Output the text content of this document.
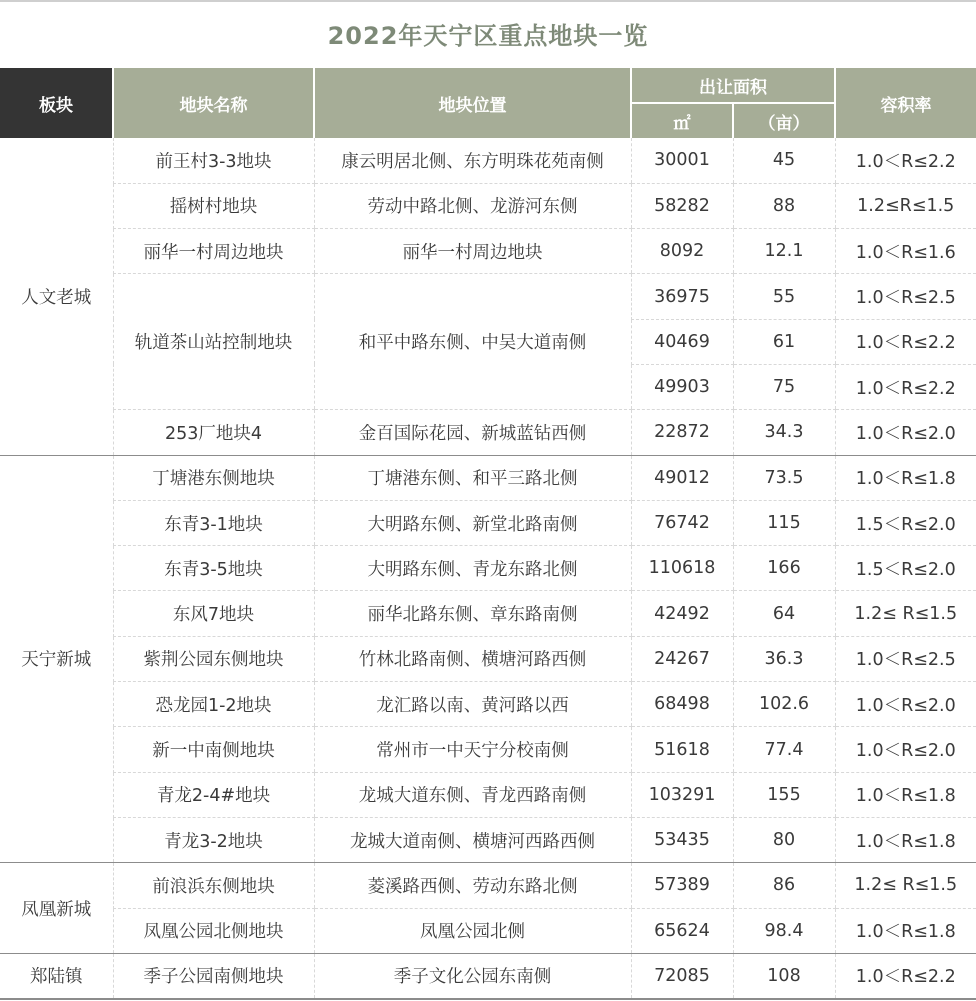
2022年天宁区重点地块一览
板块	地块名称	地块位置	出让面积		容积率
			㎡	（亩）	
人文老城	前王村3-3地块	康云明居北侧、东方明珠花苑南侧	30001	45	1.0＜R≤2.2
	摇树村地块	劳动中路北侧、龙游河东侧	58282	88	1.2≤R≤1.5
	丽华一村周边地块	丽华一村周边地块	8092	12.1	1.0＜R≤1.6
	轨道茶山站控制地块	和平中路东侧、中吴大道南侧	36975	55	1.0＜R≤2.5
			40469	61	1.0＜R≤2.2
			49903	75	1.0＜R≤2.2
	253厂地块4	金百国际花园、新城蓝钻西侧	22872	34.3	1.0＜R≤2.0
天宁新城	丁塘港东侧地块	丁塘港东侧、和平三路北侧	49012	73.5	1.0＜R≤1.8
	东青3-1地块	大明路东侧、新堂北路南侧	76742	115	1.5＜R≤2.0
	东青3-5地块	大明路东侧、青龙东路北侧	110618	166	1.5＜R≤2.0
	东风7地块	丽华北路东侧、章东路南侧	42492	64	1.2≤ R≤1.5
	紫荆公园东侧地块	竹林北路南侧、横塘河路西侧	24267	36.3	1.0＜R≤2.5
	恐龙园1-2地块	龙汇路以南、黄河路以西	68498	102.6	1.0＜R≤2.0
	新一中南侧地块	常州市一中天宁分校南侧	51618	77.4	1.0＜R≤2.0
	青龙2-4#地块	龙城大道东侧、青龙西路南侧	103291	155	1.0＜R≤1.8
	青龙3-2地块	龙城大道南侧、横塘河西路西侧	53435	80	1.0＜R≤1.8
凤凰新城	前浪浜东侧地块	菱溪路西侧、劳动东路北侧	57389	86	1.2≤ R≤1.5
	凤凰公园北侧地块	凤凰公园北侧	65624	98.4	1.0＜R≤1.8
郑陆镇	季子公园南侧地块	季子文化公园东南侧	72085	108	1.0＜R≤2.2
